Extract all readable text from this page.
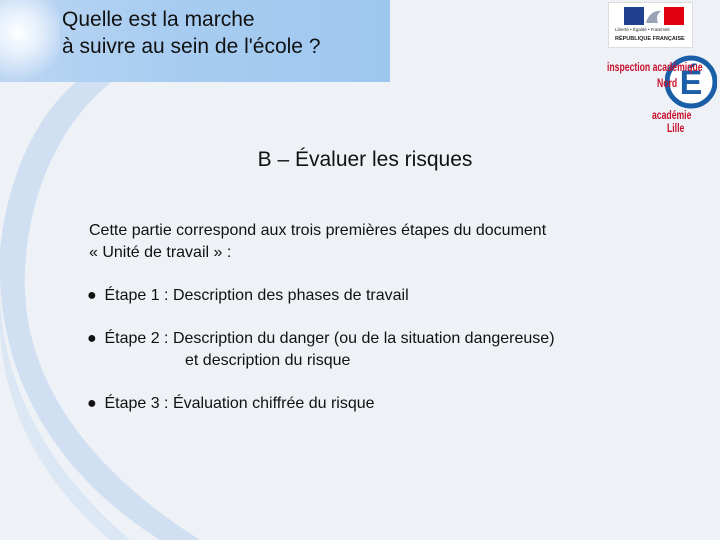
Quelle est la marche
à suivre au sein de l'école ?
Liberté • Égalité • Fraternité
RÉPUBLIQUE FRANÇAISE
É
inspection académique
Nord
académie
Lille
B – Évaluer les risques

Cette partie correspond aux trois premières étapes du document
« Unité de travail » :

● Étape 1 : Description des phases de travail
● Étape 2 : Description du danger (ou de la situation dangereuse)
et description du risque
● Étape 3 : Évaluation chiffrée du risque
